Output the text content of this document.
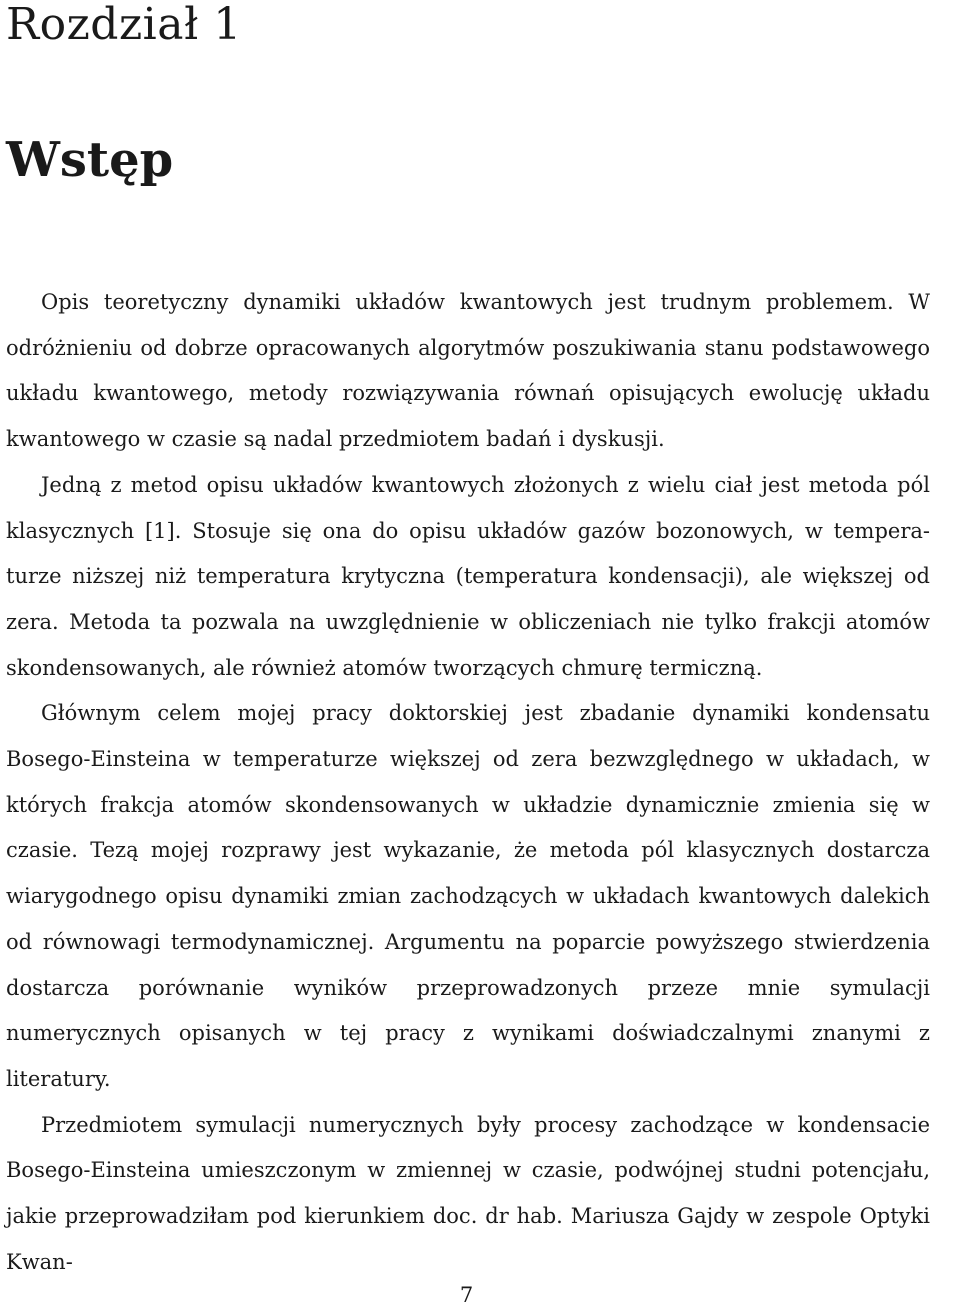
Rozdział 1
Wstęp

Opis teoretyczny dynamiki układów kwantowych jest trudnym problemem. W odróżnieniu od dobrze opracowanych algorytmów poszukiwania stanu podstawowego układu kwantowego, metody rozwiązywania równań opisujących ewolucję układu kwantowego w czasie są nadal przedmiotem badań i dyskusji.

Jedną z metod opisu układów kwantowych złożonych z wielu ciał jest metoda pól klasycznych [1]. Stosuje się ona do opisu układów gazów bozonowych, w temperaturze niższej niż temperatura krytyczna (temperatura kondensacji), ale większej od zera. Metoda ta pozwala na uwzględnienie w obliczeniach nie tylko frakcji atomów skondensowanych, ale również atomów tworzących chmurę termiczną.

Głównym celem mojej pracy doktorskiej jest zbadanie dynamiki kondensatu Bosego-Einsteina w temperaturze większej od zera bezwzględnego w układach, w których frakcja atomów skondensowanych w układzie dynamicznie zmienia się w czasie. Tezą mojej rozprawy jest wykazanie, że metoda pól klasycznych dostarcza wiarygodnego opisu dynamiki zmian zachodzących w układach kwantowych dalekich od równowagi termodynamicznej. Argumentu na poparcie powyższego stwierdzenia dostarcza porównanie wyników przeprowadzonych przeze mnie symulacji numerycznych opisanych w tej pracy z wynikami doświadczalnymi znanymi z literatury.

Przedmiotem symulacji numerycznych były procesy zachodzące w kondensacie Bosego-Einsteina umieszczonym w zmiennej w czasie, podwójnej studni potencjału, jakie przeprowadziłam pod kierunkiem doc. dr hab. Mariusza Gajdy w zespole Optyki Kwan-

7
